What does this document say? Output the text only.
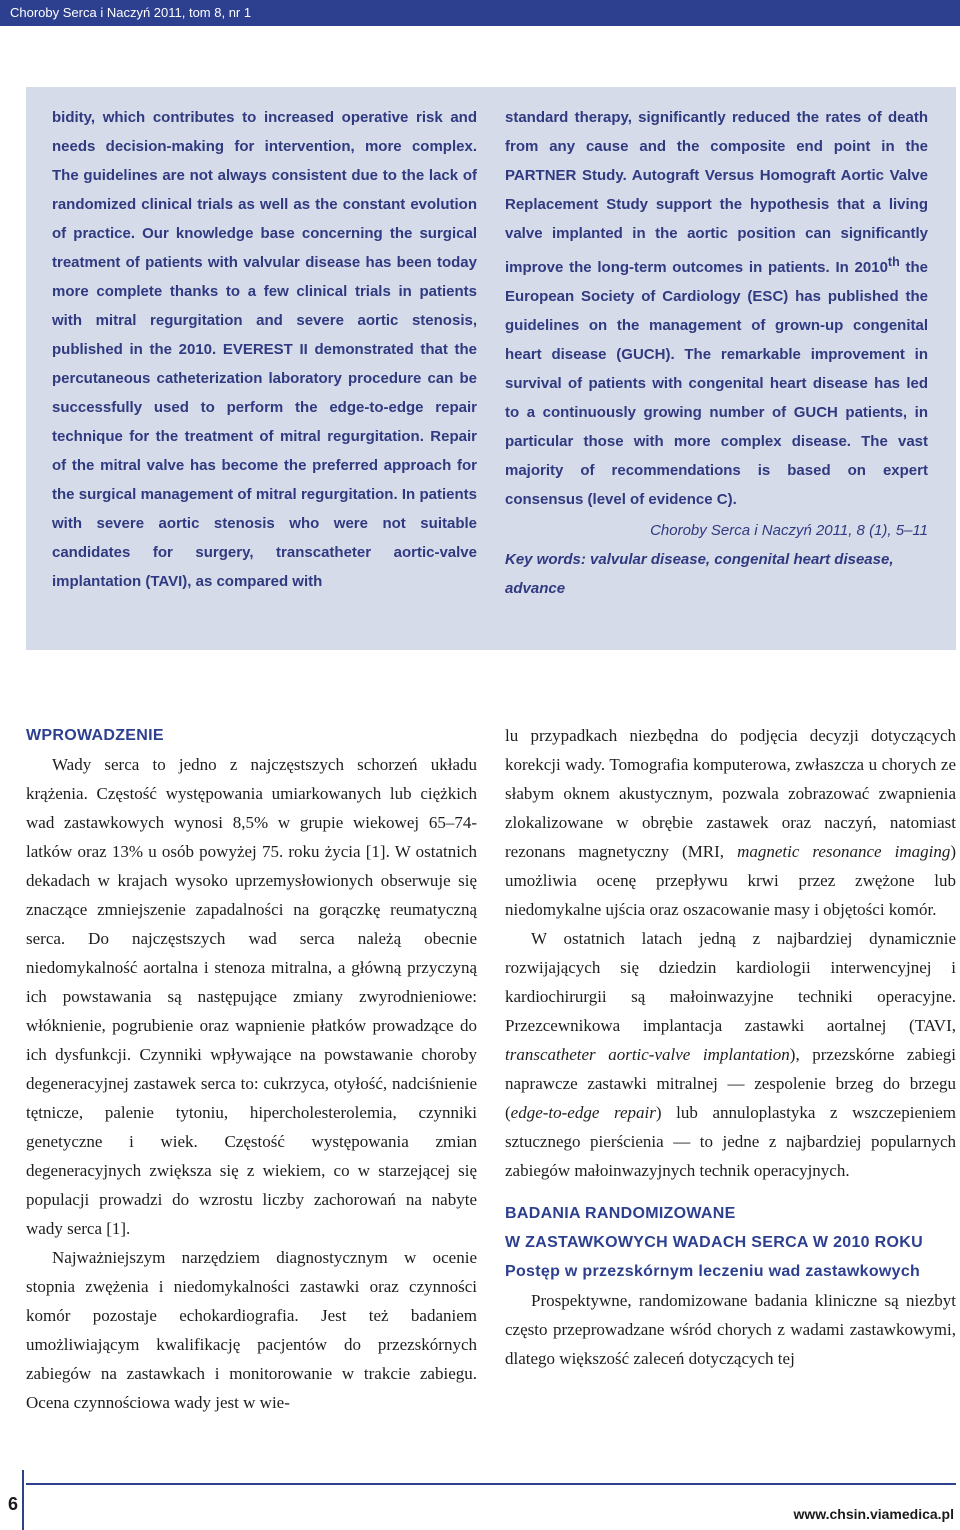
Choroby Serca i Naczyń 2011, tom 8, nr 1
bidity, which contributes to increased operative risk and needs decision-making for intervention, more complex. The guidelines are not always consistent due to the lack of randomized clinical trials as well as the constant evolution of practice. Our knowledge base concerning the surgical treatment of patients with valvular disease has been today more complete thanks to a few clinical trials in patients with mitral regurgitation and severe aortic stenosis, published in the 2010. EVEREST II demonstrated that the percutaneous catheterization laboratory procedure can be successfully used to perform the edge-to-edge repair technique for the treatment of mitral regurgitation. Repair of the mitral valve has become the preferred approach for the surgical management of mitral regurgitation. In patients with severe aortic stenosis who were not suitable candidates for surgery, transcatheter aortic-valve implantation (TAVI), as compared with
standard therapy, significantly reduced the rates of death from any cause and the composite end point in the PARTNER Study. Autograft Versus Homograft Aortic Valve Replacement Study support the hypothesis that a living valve implanted in the aortic position can significantly improve the long-term outcomes in patients. In 2010th the European Society of Cardiology (ESC) has published the guidelines on the management of grown-up congenital heart disease (GUCH). The remarkable improvement in survival of patients with congenital heart disease has led to a continuously growing number of GUCH patients, in particular those with more complex disease. The vast majority of recommendations is based on expert consensus (level of evidence C).
Choroby Serca i Naczyń 2011, 8 (1), 5–11
Key words: valvular disease, congenital heart disease, advance
WPROWADZENIE

Wady serca to jedno z najczęstszych schorzeń układu krążenia. Częstość występowania umiarkowanych lub ciężkich wad zastawkowych wynosi 8,5% w grupie wiekowej 65–74-latków oraz 13% u osób powyżej 75. roku życia [1]. W ostatnich dekadach w krajach wysoko uprzemysłowionych obserwuje się znaczące zmniejszenie zapadalności na gorączkę reumatyczną serca. Do najczęstszych wad serca należą obecnie niedomykalność aortalna i stenoza mitralna, a główną przyczyną ich powstawania są następujące zmiany zwyrodnieniowe: włóknienie, pogrubienie oraz wapnienie płatków prowadzące do ich dysfunkcji. Czynniki wpływające na powstawanie choroby degeneracyjnej zastawek serca to: cukrzyca, otyłość, nadciśnienie tętnicze, palenie tytoniu, hipercholesterolemia, czynniki genetyczne i wiek. Częstość występowania zmian degeneracyjnych zwiększa się z wiekiem, co w starzejącej się populacji prowadzi do wzrostu liczby zachorowań na nabyte wady serca [1].

Najważniejszym narzędziem diagnostycznym w ocenie stopnia zwężenia i niedomykalności zastawki oraz czynności komór pozostaje echokardiografia. Jest też badaniem umożliwiającym kwalifikację pacjentów do przezskórnych zabiegów na zastawkach i monitorowanie w trakcie zabiegu. Ocena czynnościowa wady jest w wie-

lu przypadkach niezbędna do podjęcia decyzji dotyczących korekcji wady. Tomografia komputerowa, zwłaszcza u chorych ze słabym oknem akustycznym, pozwala zobrazować zwapnienia zlokalizowane w obrębie zastawek oraz naczyń, natomiast rezonans magnetyczny (MRI, magnetic resonance imaging) umożliwia ocenę przepływu krwi przez zwężone lub niedomykalne ujścia oraz oszacowanie masy i objętości komór.

W ostatnich latach jedną z najbardziej dynamicznie rozwijających się dziedzin kardiologii interwencyjnej i kardiochirurgii są małoinwazyjne techniki operacyjne. Przezcewnikowa implantacja zastawki aortalnej (TAVI, transcatheter aortic-valve implantation), przezskórne zabiegi naprawcze zastawki mitralnej — zespolenie brzeg do brzegu (edge-to-edge repair) lub annuloplastyka z wszczepieniem sztucznego pierścienia — to jedne z najbardziej popularnych zabiegów małoinwazyjnych technik operacyjnych.

BADANIA RANDOMIZOWANE
W ZASTAWKOWYCH WADACH SERCA W 2010 ROKU
Postęp w przezskórnym leczeniu wad zastawkowych

Prospektywne, randomizowane badania kliniczne są niezbyt często przeprowadzane wśród chorych z wadami zastawkowymi, dlatego większość zaleceń dotyczących tej

6	www.chsin.viamedica.pl
